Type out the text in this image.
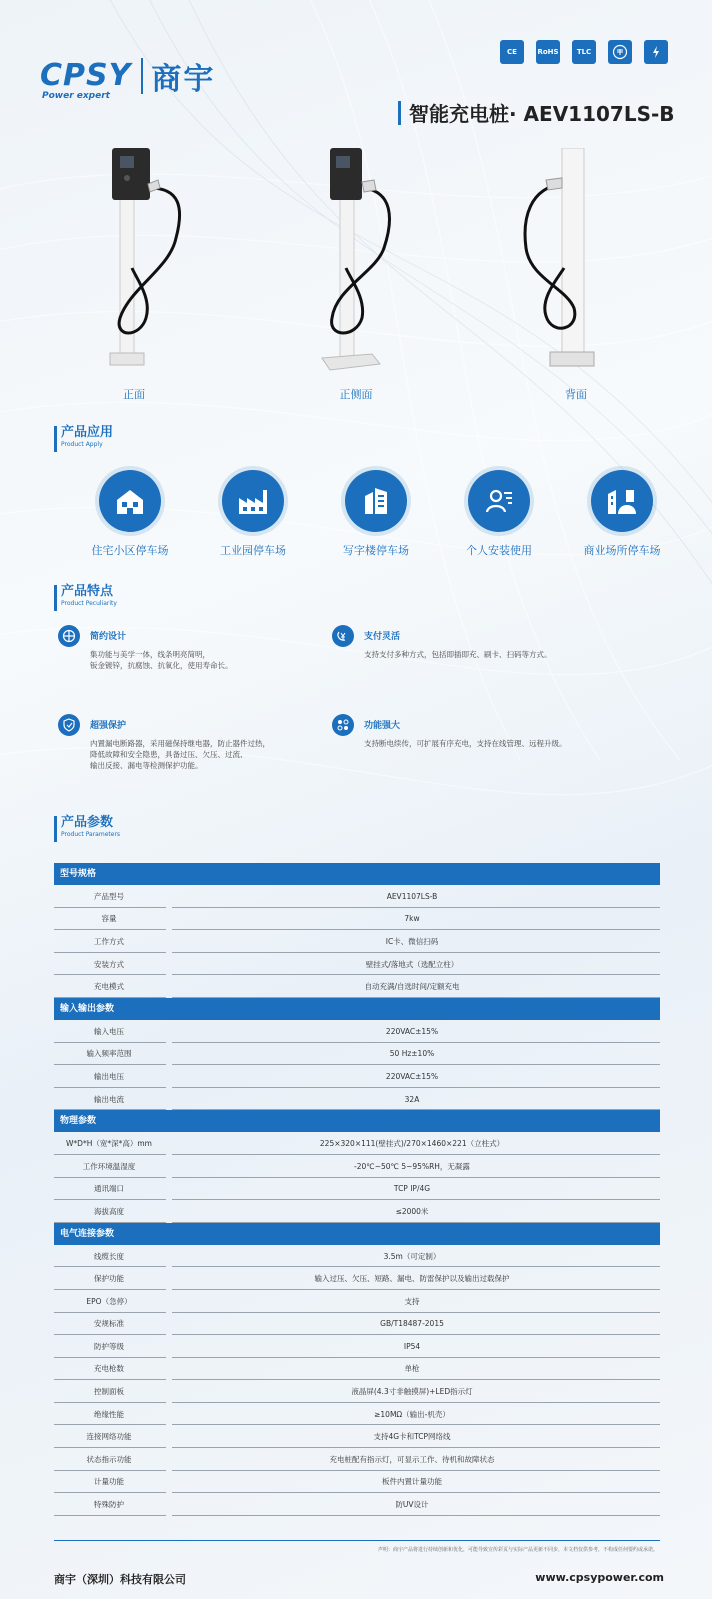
CPSY
Power expert 商宇
CE	RoHS	TLC
智能充电桩· AEV1107LS-B
正面	正侧面	背面
产品应用
Product Apply
住宅小区停车场	工业园停车场	写字楼停车场	个人安装使用	商业场所停车场
产品特点
Product Peculiarity
简约设计
集功能与美学一体，线条明亮简明，
钣金镀锌，抗腐蚀、抗氧化，使用寿命长。
支付灵活
支持支付多种方式，包括即插即充、刷卡、扫码等方式。
超强保护
内置漏电断路器，采用磁保持继电器，防止器件过热，
降低故障和安全隐患，具备过压、欠压、过流、
输出反接、漏电等检测保护功能。
功能强大
支持断电续传，可扩展有序充电，支持在线管理、远程升级。
产品参数
Product Parameters
型号规格
产品型号	AEV1107LS-B
容量	7kw
工作方式	IC卡、微信扫码
安装方式	壁挂式/落地式（选配立柱）
充电模式	自动充满/自选时间/定额充电
输入输出参数
输入电压	220VAC±15%
输入频率范围	50 Hz±10%
输出电压	220VAC±15%
输出电流	32A
物理参数
W*D*H（宽*深*高）mm	225×320×111(壁挂式)/270×1460×221（立柱式）
工作环境温湿度	-20℃~50℃ 5~95%RH，无凝露
通讯端口	TCP IP/4G
海拔高度	≤2000米
电气连接参数
线缆长度	3.5m（可定制）
保护功能	输入过压、欠压、短路、漏电、防雷保护以及输出过载保护
EPO（急停）	支持
安规标准	GB/T18487-2015
防护等级	IP54
充电枪数	单枪
控制面板	液晶屏(4.3寸非触摸屏)+LED指示灯
绝缘性能	≥10MΩ（输出-机壳）
连接网络功能	支持4G卡和TCP网络线
状态指示功能	充电桩配有指示灯，可显示工作、待机和故障状态
计量功能	板件内置计量功能
特殊防护	防UV设计
声明：商宇产品将进行持续创新和优化，可能导致宣传彩页与实际产品更新不同步，本文档仅供参考，不构成任何要约或承诺。
商宇（深圳）科技有限公司	www.cpsypower.com
